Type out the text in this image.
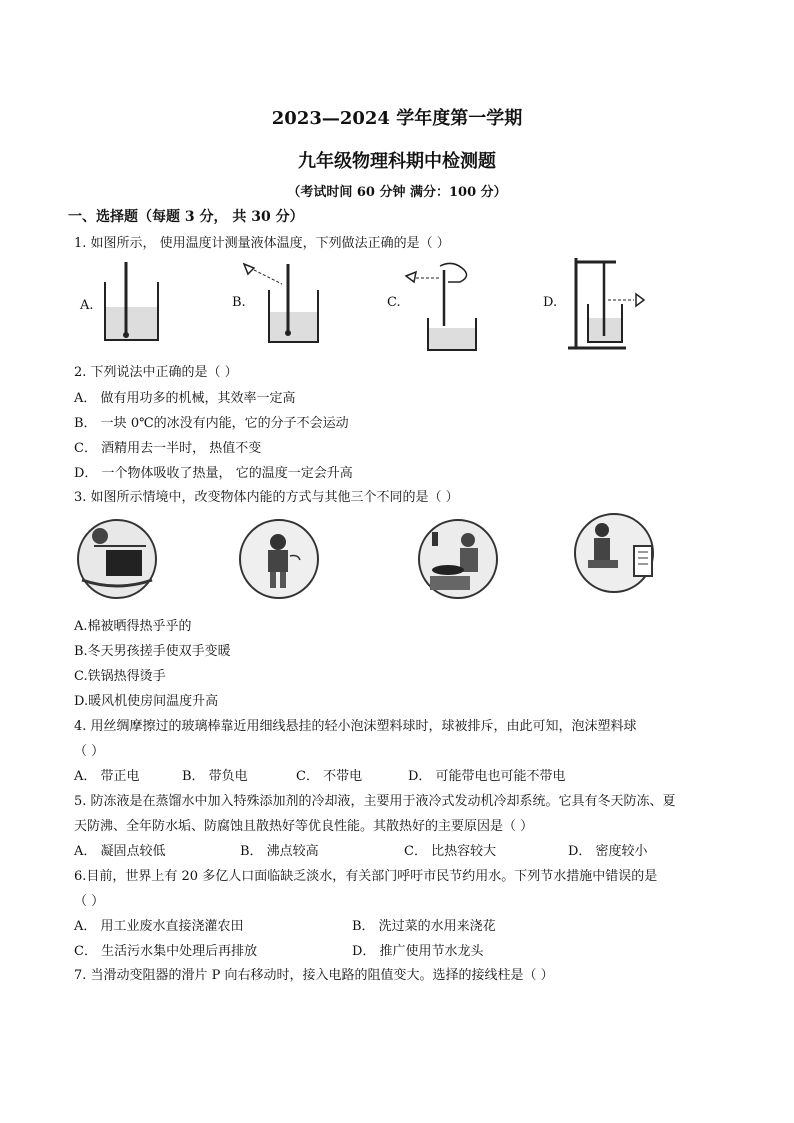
2023—2024 学年度第一学期
九年级物理科期中检测题
（考试时间 60 分钟 满分：100 分）
一、选择题（每题 3 分， 共 30 分）
1. 如图所示， 使用温度计测量液体温度，下列做法正确的是（ ）
A.	B.	C.	D.
2. 下列说法中正确的是（ ）
A． 做有用功多的机械，其效率一定高
B． 一块 0℃的冰没有内能，它的分子不会运动
C． 酒精用去一半时， 热值不变
D． 一个物体吸收了热量， 它的温度一定会升高
3. 如图所示情境中，改变物体内能的方式与其他三个不同的是（ ）
A.棉被晒得热乎乎的
B.冬天男孩搓手使双手变暖
C.铁锅热得烫手
D.暖风机使房间温度升高
4. 用丝绸摩擦过的玻璃棒靠近用细线悬挂的轻小泡沫塑料球时，球被排斥，由此可知，泡沫塑料球
（ ）
A． 带正电	B． 带负电	C． 不带电	D． 可能带电也可能不带电
5. 防冻液是在蒸馏水中加入特殊添加剂的冷却液，主要用于液冷式发动机冷却系统。它具有冬天防冻、夏
天防沸、全年防水垢、防腐蚀且散热好等优良性能。其散热好的主要原因是（ ）
A． 凝固点较低	B． 沸点较高	C． 比热容较大	D． 密度较小
6.目前，世界上有 20 多亿人口面临缺乏淡水，有关部门呼吁市民节约用水。下列节水措施中错误的是
（ ）
A． 用工业废水直接浇灌农田	B． 洗过菜的水用来浇花
C． 生活污水集中处理后再排放	D． 推广使用节水龙头
7. 当滑动变阻器的滑片 P 向右移动时，接入电路的阻值变大。选择的接线柱是（ ）
